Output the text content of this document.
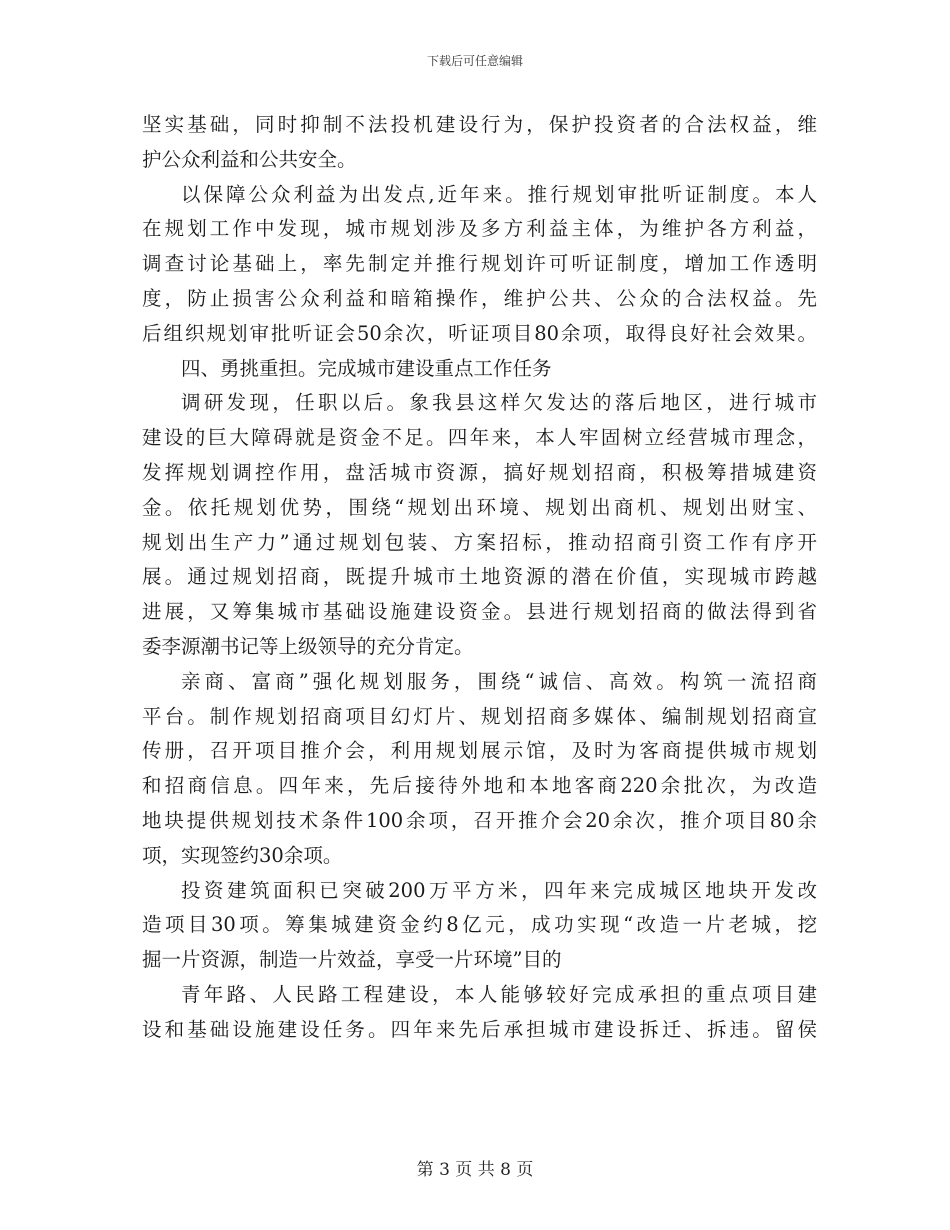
下载后可任意编辑
坚实基础，同时抑制不法投机建设行为，保护投资者的合法权益，维
护公众利益和公共安全。
以保障公众利益为出发点,近年来。推行规划审批听证制度。本人
在规划工作中发现，城市规划涉及多方利益主体，为维护各方利益，
调查讨论基础上，率先制定并推行规划许可听证制度，增加工作透明
度，防止损害公众利益和暗箱操作，维护公共、公众的合法权益。先
后组织规划审批听证会50余次，听证项目80余项，取得良好社会效果。
四、勇挑重担。完成城市建设重点工作任务
调研发现，任职以后。象我县这样欠发达的落后地区，进行城市
建设的巨大障碍就是资金不足。四年来，本人牢固树立经营城市理念，
发挥规划调控作用，盘活城市资源，搞好规划招商，积极筹措城建资
金。依托规划优势，围绕“规划出环境、规划出商机、规划出财宝、
规划出生产力”通过规划包装、方案招标，推动招商引资工作有序开
展。通过规划招商，既提升城市土地资源的潜在价值，实现城市跨越
进展，又筹集城市基础设施建设资金。县进行规划招商的做法得到省
委李源潮书记等上级领导的充分肯定。
亲商、富商”强化规划服务，围绕“诚信、高效。构筑一流招商
平台。制作规划招商项目幻灯片、规划招商多媒体、编制规划招商宣
传册，召开项目推介会，利用规划展示馆，及时为客商提供城市规划
和招商信息。四年来，先后接待外地和本地客商220余批次，为改造
地块提供规划技术条件100余项，召开推介会20余次，推介项目80余
项，实现签约30余项。
投资建筑面积已突破200万平方米，四年来完成城区地块开发改
造项目30项。筹集城建资金约8亿元，成功实现“改造一片老城，挖
掘一片资源，制造一片效益，享受一片环境”目的
青年路、人民路工程建设，本人能够较好完成承担的重点项目建
设和基础设施建设任务。四年来先后承担城市建设拆迁、拆违。留侯
第 3 页 共 8 页
